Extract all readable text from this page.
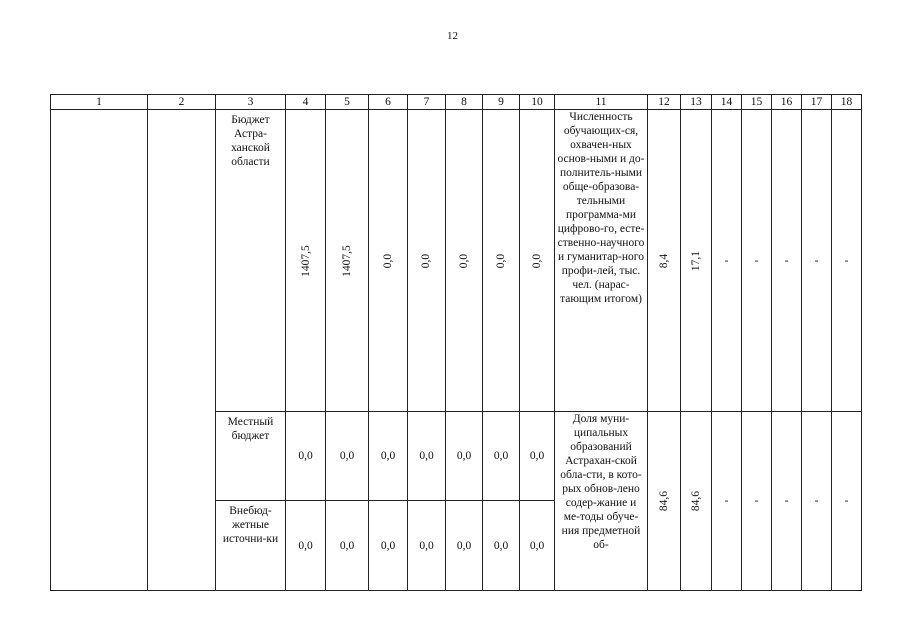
12
1	2	3	4	5	6	7	8	9	10	11	12	13	14	15	16	17	18
		Бюджет Астра-ханской области	1407,5	1407,5	0,0	0,0	0,0	0,0	0,0	Численность обучающих-ся, охвачен-ных основ-ными и до-полнитель-ными обще-образова-тельными программа-ми цифрово-го, есте-ственно-научного и гуманитар-ного профи-лей, тыс. чел. (нарас-тающим итогом)	8,4	17,1	-	-	-	-	-
		Местный бюджет	0,0	0,0	0,0	0,0	0,0	0,0	0,0	Доля муни-ципальных образований Астрахан-ской обла-сти, в кото-рых обнов-лено содер-жание и ме-тоды обуче-ния предметной об-	84,6	84,6	-	-	-	-	-
		Внебюд-жетные источни-ки	0,0	0,0	0,0	0,0	0,0	0,0	0,0								
